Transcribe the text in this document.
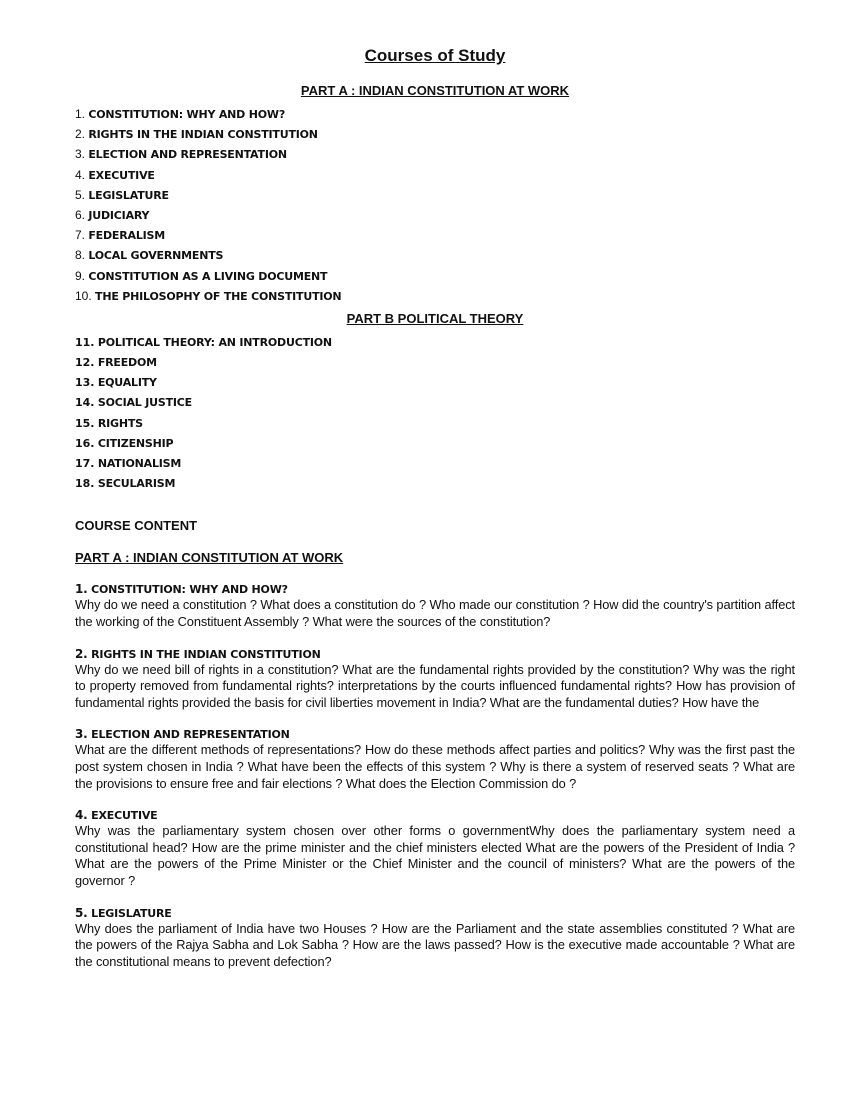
Courses of Study
PART A : INDIAN CONSTITUTION AT WORK
1. CONSTITUTION: WHY AND HOW?
2. RIGHTS IN THE INDIAN CONSTITUTION
3. ELECTION AND REPRESENTATION
4. EXECUTIVE
5. LEGISLATURE
6. JUDICIARY
7. FEDERALISM
8. LOCAL GOVERNMENTS
9. CONSTITUTION AS A LIVING DOCUMENT
10. THE PHILOSOPHY OF THE CONSTITUTION
PART B POLITICAL THEORY
11. POLITICAL THEORY: AN INTRODUCTION
12. FREEDOM
13. EQUALITY
14. SOCIAL JUSTICE
15. RIGHTS
16. CITIZENSHIP
17. NATIONALISM
18. SECULARISM
COURSE CONTENT
PART A : INDIAN CONSTITUTION AT WORK
1. CONSTITUTION: WHY AND HOW?
Why do we need a constitution ? What does a constitution do ? Who made our constitution ? How did the country's partition affect the working of the Constituent Assembly ? What were the sources of the constitution?
2. RIGHTS IN THE INDIAN CONSTITUTION
Why do we need bill of rights in a constitution? What are the fundamental rights provided by the constitution? Why was the right to property removed from fundamental rights? interpretations by the courts influenced fundamental rights? How has provision of fundamental rights provided the basis for civil liberties movement in India? What are the fundamental duties? How have the
3. ELECTION AND REPRESENTATION
What are the different methods of representations? How do these methods affect parties and politics? Why was the first past the post system chosen in India ? What have been the effects of this system ? Why is there a system of reserved seats ? What are the provisions to ensure free and fair elections ? What does the Election Commission do ?
4. EXECUTIVE
Why was the parliamentary system chosen over other forms o governmentWhy does the parliamentary system need a constitutional head? How are the prime minister and the chief ministers elected What are the powers of the President of India ? What are the powers of the Prime Minister or the Chief Minister and the council of ministers? What are the powers of the governor ?
5. LEGISLATURE
Why does the parliament of India have two Houses ? How are the Parliament and the state assemblies constituted ? What are the powers of the Rajya Sabha and Lok Sabha ? How are the laws passed? How is the executive made accountable ? What are the constitutional means to prevent defection?
